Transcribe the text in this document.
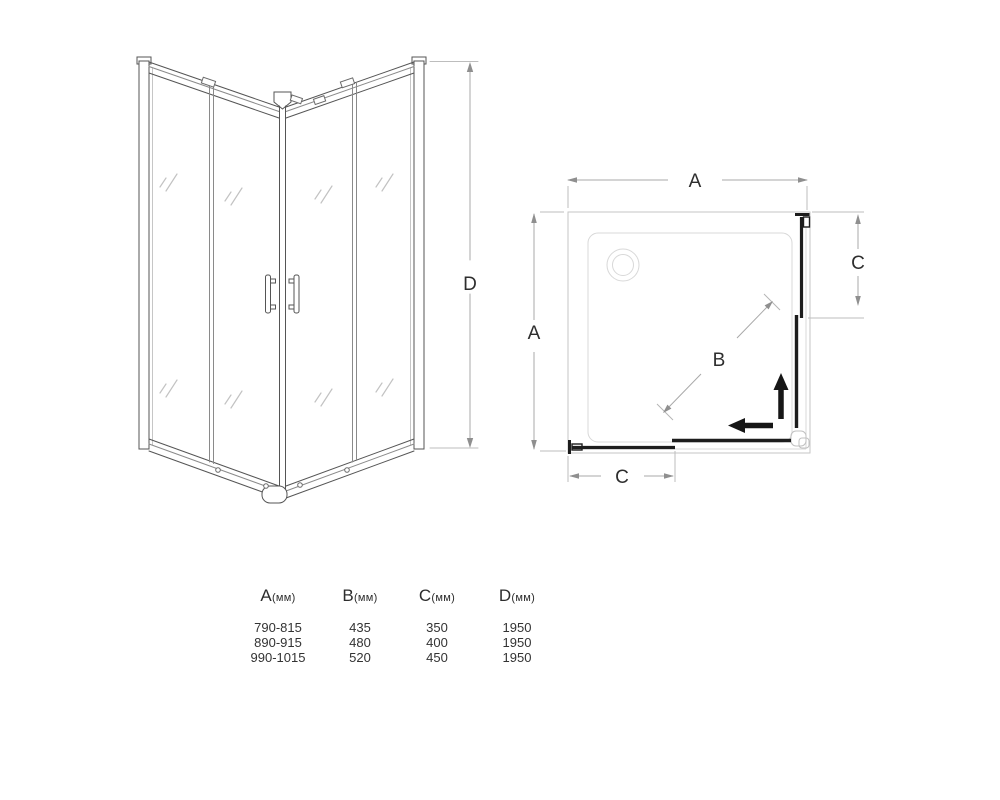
D
A
A
C
C
B
A(мм)	B(мм)	C(мм)	D(мм)
790-815	435	350	1950
890-915	480	400	1950
990-1015	520	450	1950
